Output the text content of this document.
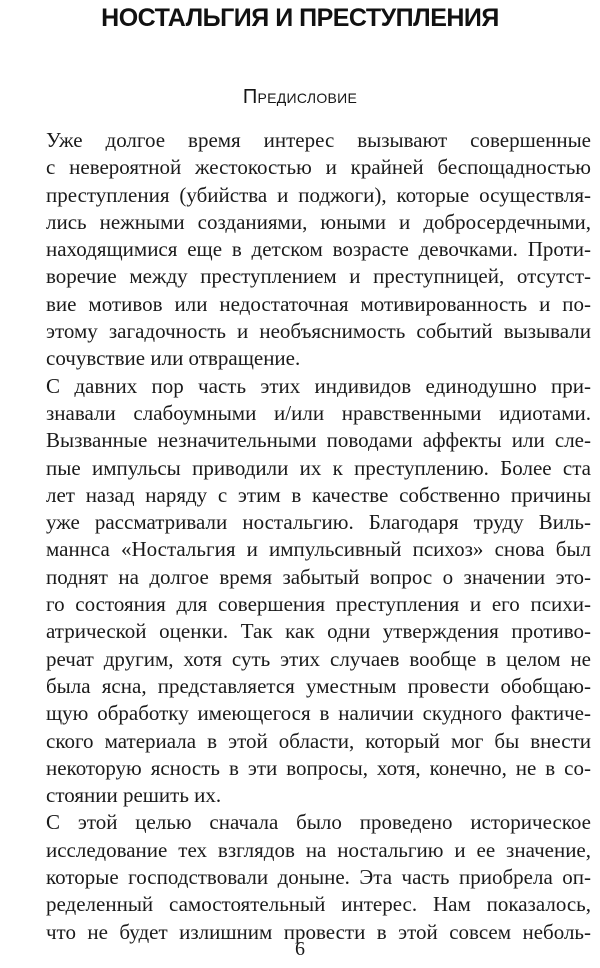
НОСТАЛЬГИЯ И ПРЕСТУПЛЕНИЯ
Предисловие

Уже долгое время интерес вызывают совершенные
с невероятной жестокостью и крайней беспощадностью
преступления (убийства и поджоги), которые осуществля-
лись нежными созданиями, юными и добросердечными,
находящимися еще в детском возрасте девочками. Проти-
воречие между преступлением и преступницей, отсутст-
вие мотивов или недостаточная мотивированность и по-
этому загадочность и необъяснимость событий вызывали
сочувствие или отвращение.

С давних пор часть этих индивидов единодушно при-
знавали слабоумными и/или нравственными идиотами.
Вызванные незначительными поводами аффекты или сле-
пые импульсы приводили их к преступлению. Более ста
лет назад наряду с этим в качестве собственно причины
уже рассматривали ностальгию. Благодаря труду Виль-
маннса «Ностальгия и импульсивный психоз» снова был
поднят на долгое время забытый вопрос о значении это-
го состояния для совершения преступления и его психи-
атрической оценки. Так как одни утверждения противо-
речат другим, хотя суть этих случаев вообще в целом не
была ясна, представляется уместным провести обобщаю-
щую обработку имеющегося в наличии скудного фактиче-
ского материала в этой области, который мог бы внести
некоторую ясность в эти вопросы, хотя, конечно, не в со-
стоянии решить их.

С этой целью сначала было проведено историческое
исследование тех взглядов на ностальгию и ее значение,
которые господствовали доныне. Эта часть приобрела оп-
ределенный самостоятельный интерес. Нам показалось,
что не будет излишним провести в этой совсем неболь-

6
